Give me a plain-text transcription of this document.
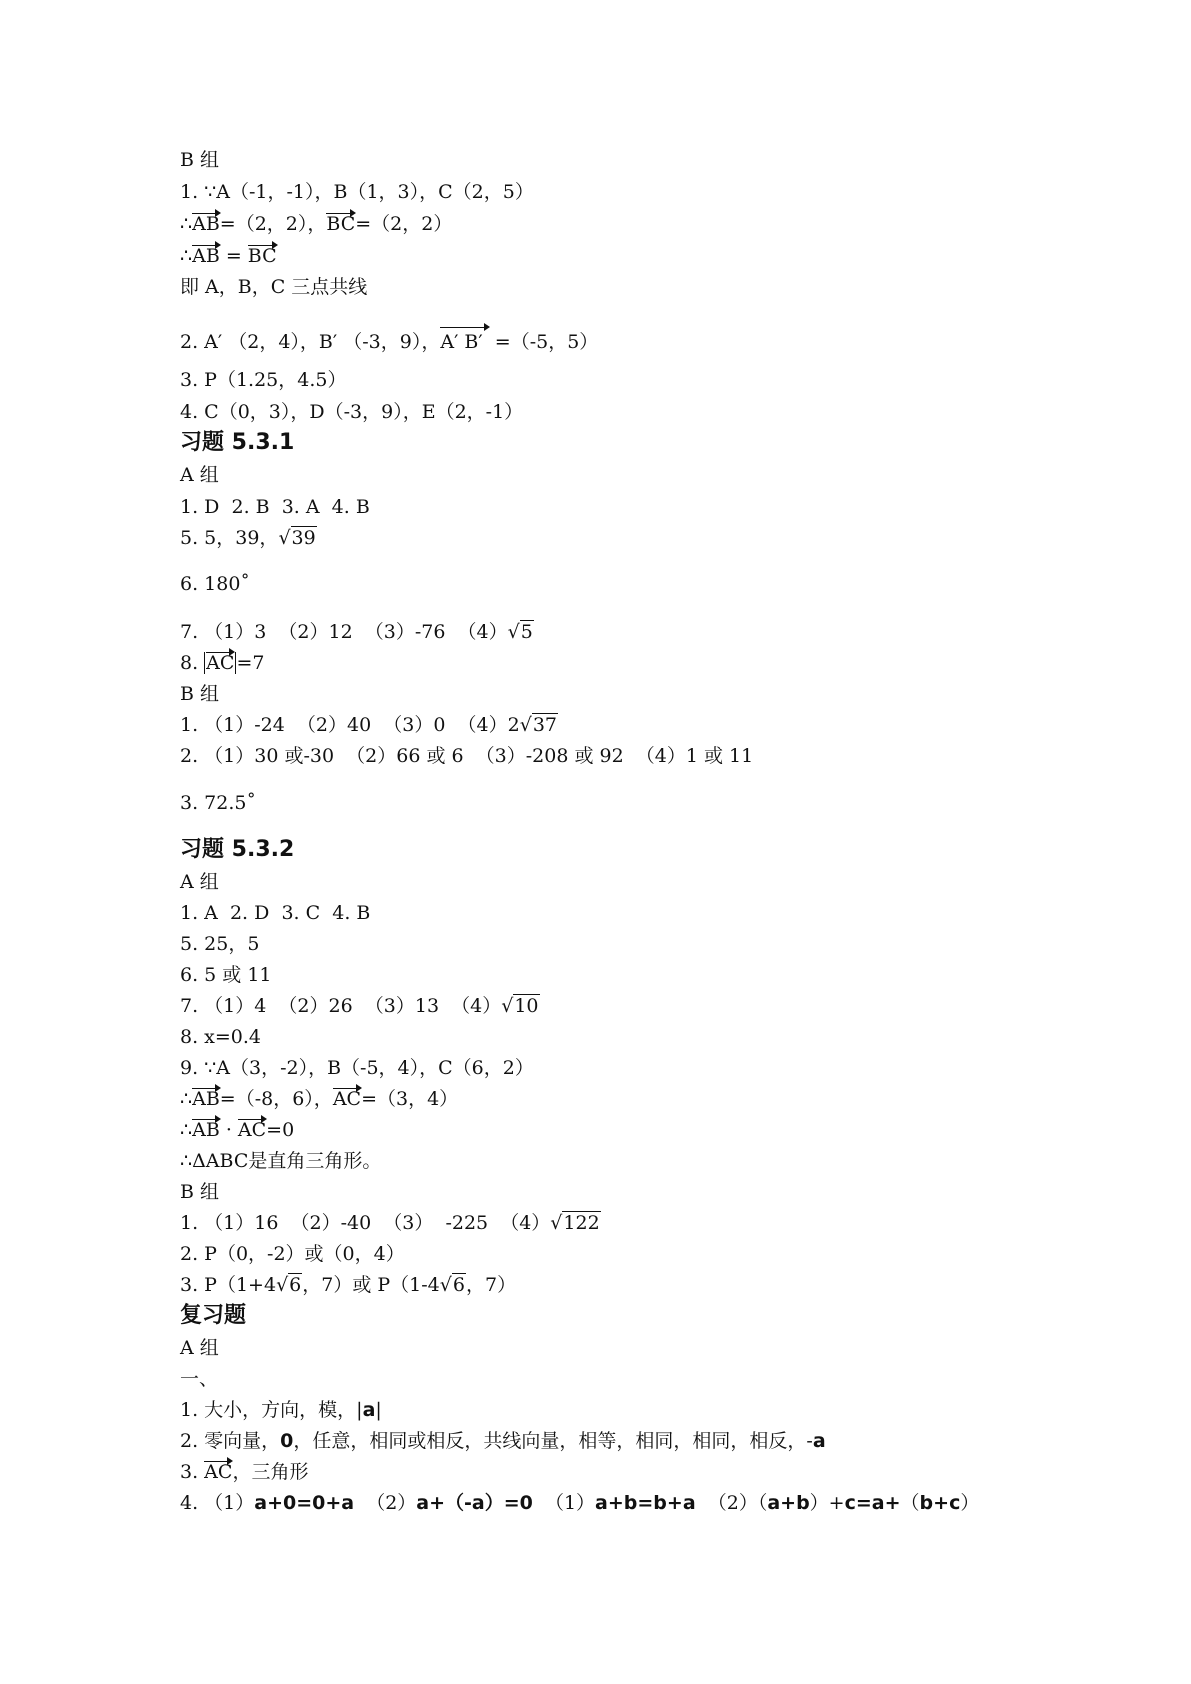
B 组
1. ∵A（-1，-1），B（1，3），C（2，5）
∴AB=（2，2），BC=（2，2）
∴AB = BC
即 A，B，C 三点共线
2. A′ （2，4），B′ （-3，9），A′ B′  =（-5，5）
3. P（1.25，4.5）
4. C（0，3），D（-3，9），E（2，-1）
习题 5.3.1
A 组
1. D  2. B  3. A  4. B
5. 5，39，√39
6. 180˚
7. （1）3  （2）12  （3）-76  （4）√5
8. AC =7
B 组
1. （1）-24  （2）40  （3）0  （4）2√37
2. （1）30 或-30  （2）66 或 6  （3）-208 或 92  （4）1 或 11
3. 72.5˚
习题 5.3.2
A 组
1. A  2. D  3. C  4. B
5. 25，5
6. 5 或 11
7. （1）4  （2）26  （3）13  （4）√10
8. x=0.4
9. ∵A（3，-2），B（-5，4），C（6，2）
∴AB=（-8，6），AC=（3，4）
∴AB · AC=0
∴ΔABC是直角三角形。
B 组
1. （1）16  （2）-40  （3）  -225  （4）√122
2. P（0，-2）或（0，4）
3. P（1+4√6，7）或 P（1-4√6，7）
复习题
A 组
一、
1. 大小，方向，模，|a|
2. 零向量，0，任意，相同或相反，共线向量，相等，相同，相同，相反，-a
3. AC，三角形
4. （1）a+0=0+a  （2）a+（-a）=0  （1）a+b=b+a  （2）（a+b）+c=a+（b+c）
